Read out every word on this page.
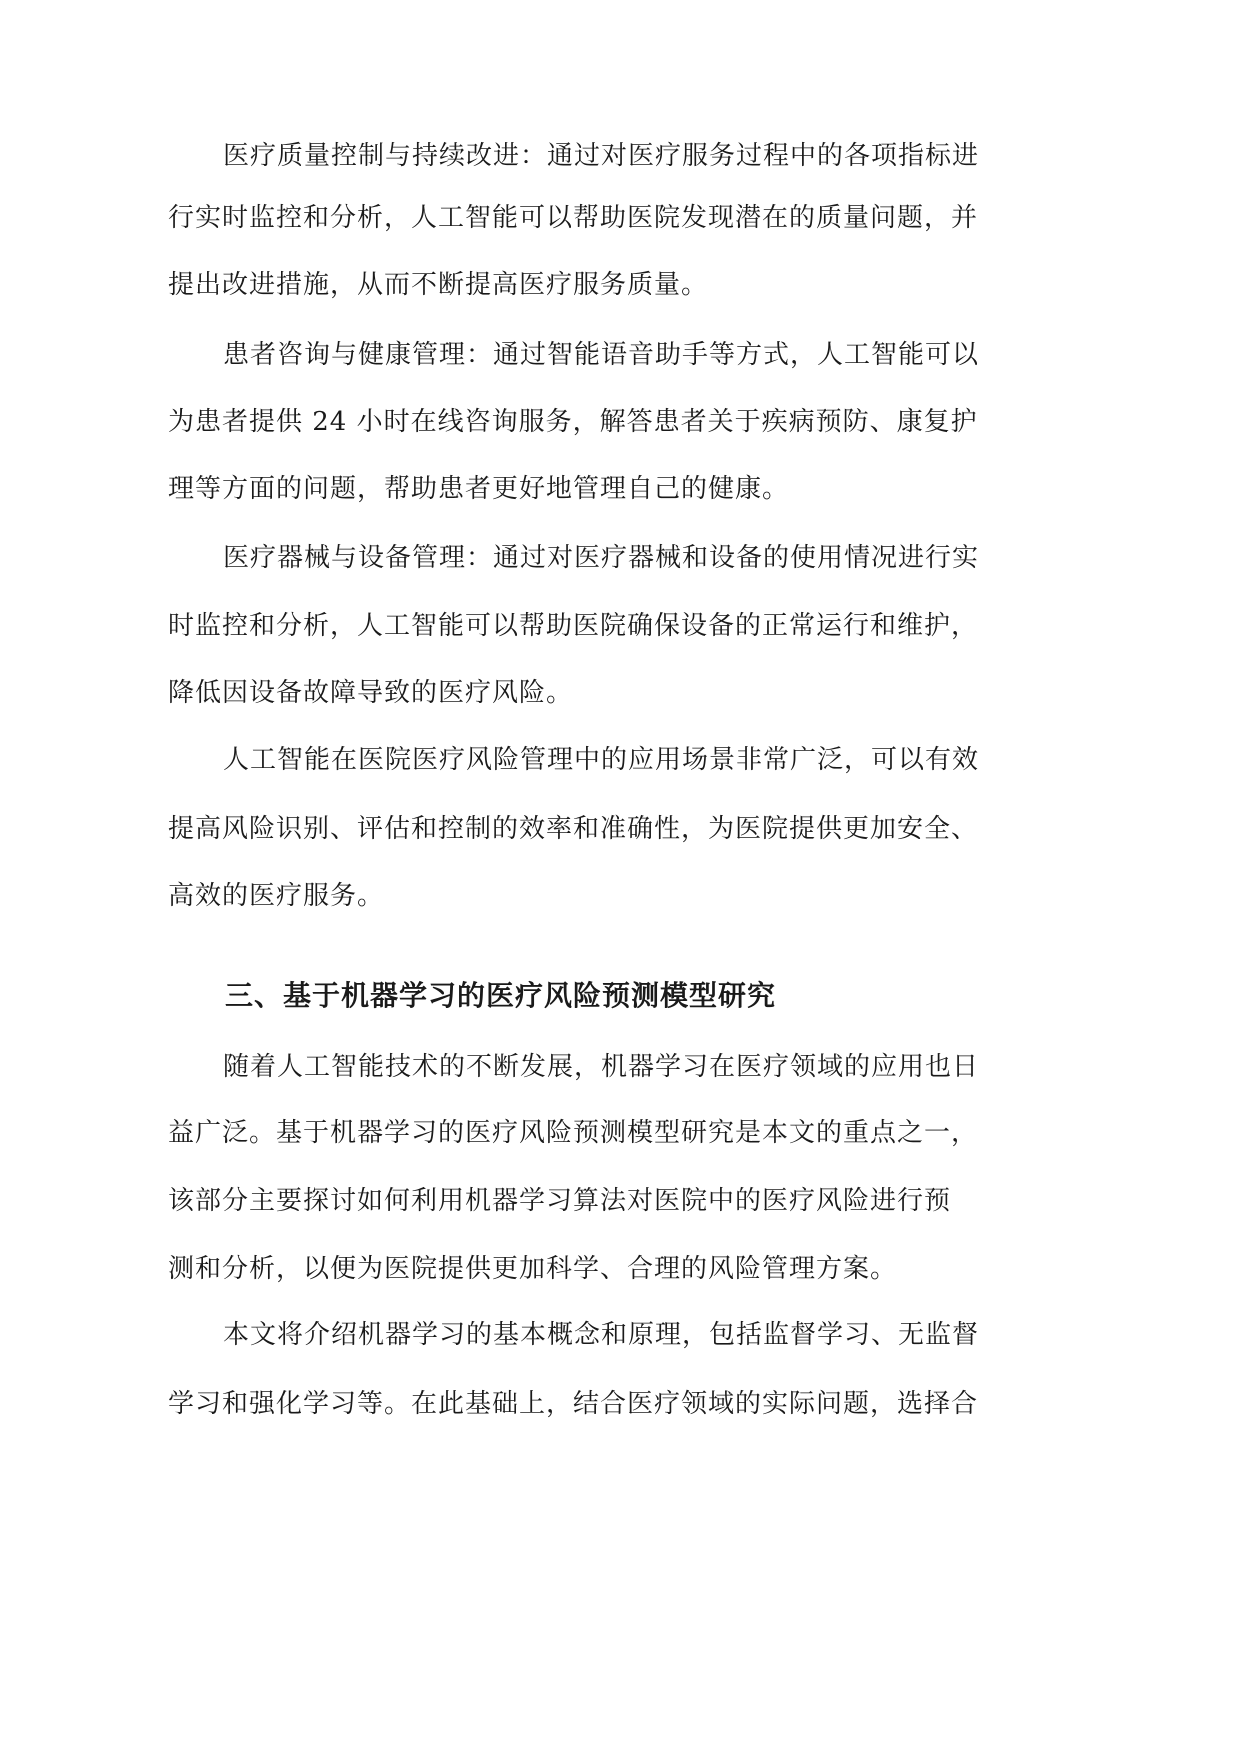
医疗质量控制与持续改进：通过对医疗服务过程中的各项指标进
行实时监控和分析，人工智能可以帮助医院发现潜在的质量问题，并
提出改进措施，从而不断提高医疗服务质量。
患者咨询与健康管理：通过智能语音助手等方式，人工智能可以
为患者提供 24 小时在线咨询服务，解答患者关于疾病预防、康复护
理等方面的问题，帮助患者更好地管理自己的健康。
医疗器械与设备管理：通过对医疗器械和设备的使用情况进行实
时监控和分析，人工智能可以帮助医院确保设备的正常运行和维护，
降低因设备故障导致的医疗风险。
人工智能在医院医疗风险管理中的应用场景非常广泛，可以有效
提高风险识别、评估和控制的效率和准确性，为医院提供更加安全、
高效的医疗服务。
三、基于机器学习的医疗风险预测模型研究
随着人工智能技术的不断发展，机器学习在医疗领域的应用也日
益广泛。基于机器学习的医疗风险预测模型研究是本文的重点之一，
该部分主要探讨如何利用机器学习算法对医院中的医疗风险进行预
测和分析，以便为医院提供更加科学、合理的风险管理方案。
本文将介绍机器学习的基本概念和原理，包括监督学习、无监督
学习和强化学习等。在此基础上，结合医疗领域的实际问题，选择合
